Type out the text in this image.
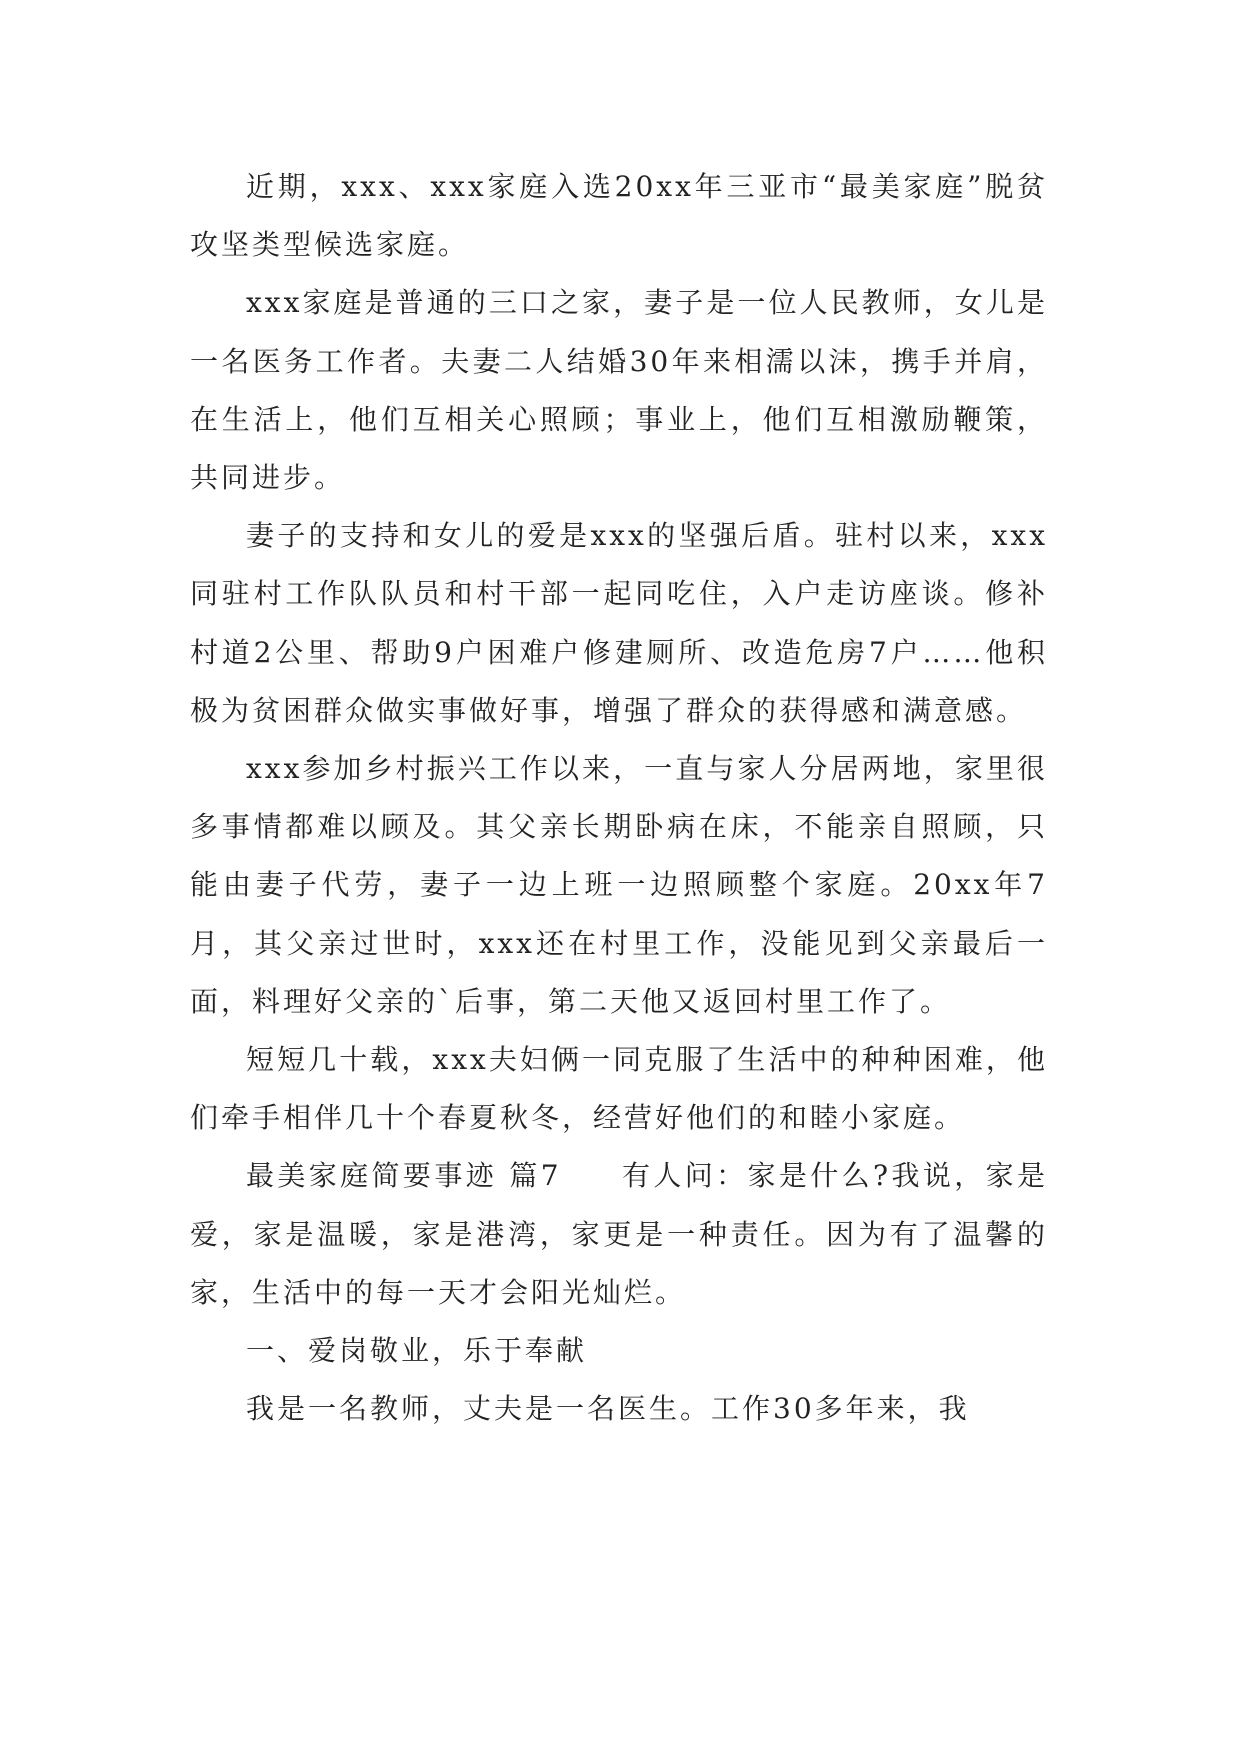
近期，xxx、xxx家庭入选20xx年三亚市“最美家庭”脱贫攻坚类型候选家庭。

xxx家庭是普通的三口之家，妻子是一位人民教师，女儿是一名医务工作者。夫妻二人结婚30年来相濡以沫，携手并肩，在生活上，他们互相关心照顾；事业上，他们互相激励鞭策，共同进步。

妻子的支持和女儿的爱是xxx的坚强后盾。驻村以来，xxx同驻村工作队队员和村干部一起同吃住，入户走访座谈。修补村道2公里、帮助9户困难户修建厕所、改造危房7户……他积极为贫困群众做实事做好事，增强了群众的获得感和满意感。

xxx参加乡村振兴工作以来，一直与家人分居两地，家里很多事情都难以顾及。其父亲长期卧病在床，不能亲自照顾，只能由妻子代劳，妻子一边上班一边照顾整个家庭。20xx年7月，其父亲过世时，xxx还在村里工作，没能见到父亲最后一面，料理好父亲的`后事，第二天他又返回村里工作了。

短短几十载，xxx夫妇俩一同克服了生活中的种种困难，他们牵手相伴几十个春夏秋冬，经营好他们的和睦小家庭。

最美家庭简要事迹 篇7 有人问：家是什么?我说，家是爱，家是温暖，家是港湾，家更是一种责任。因为有了温馨的家，生活中的每一天才会阳光灿烂。

一、爱岗敬业，乐于奉献

我是一名教师，丈夫是一名医生。工作30多年来，我
